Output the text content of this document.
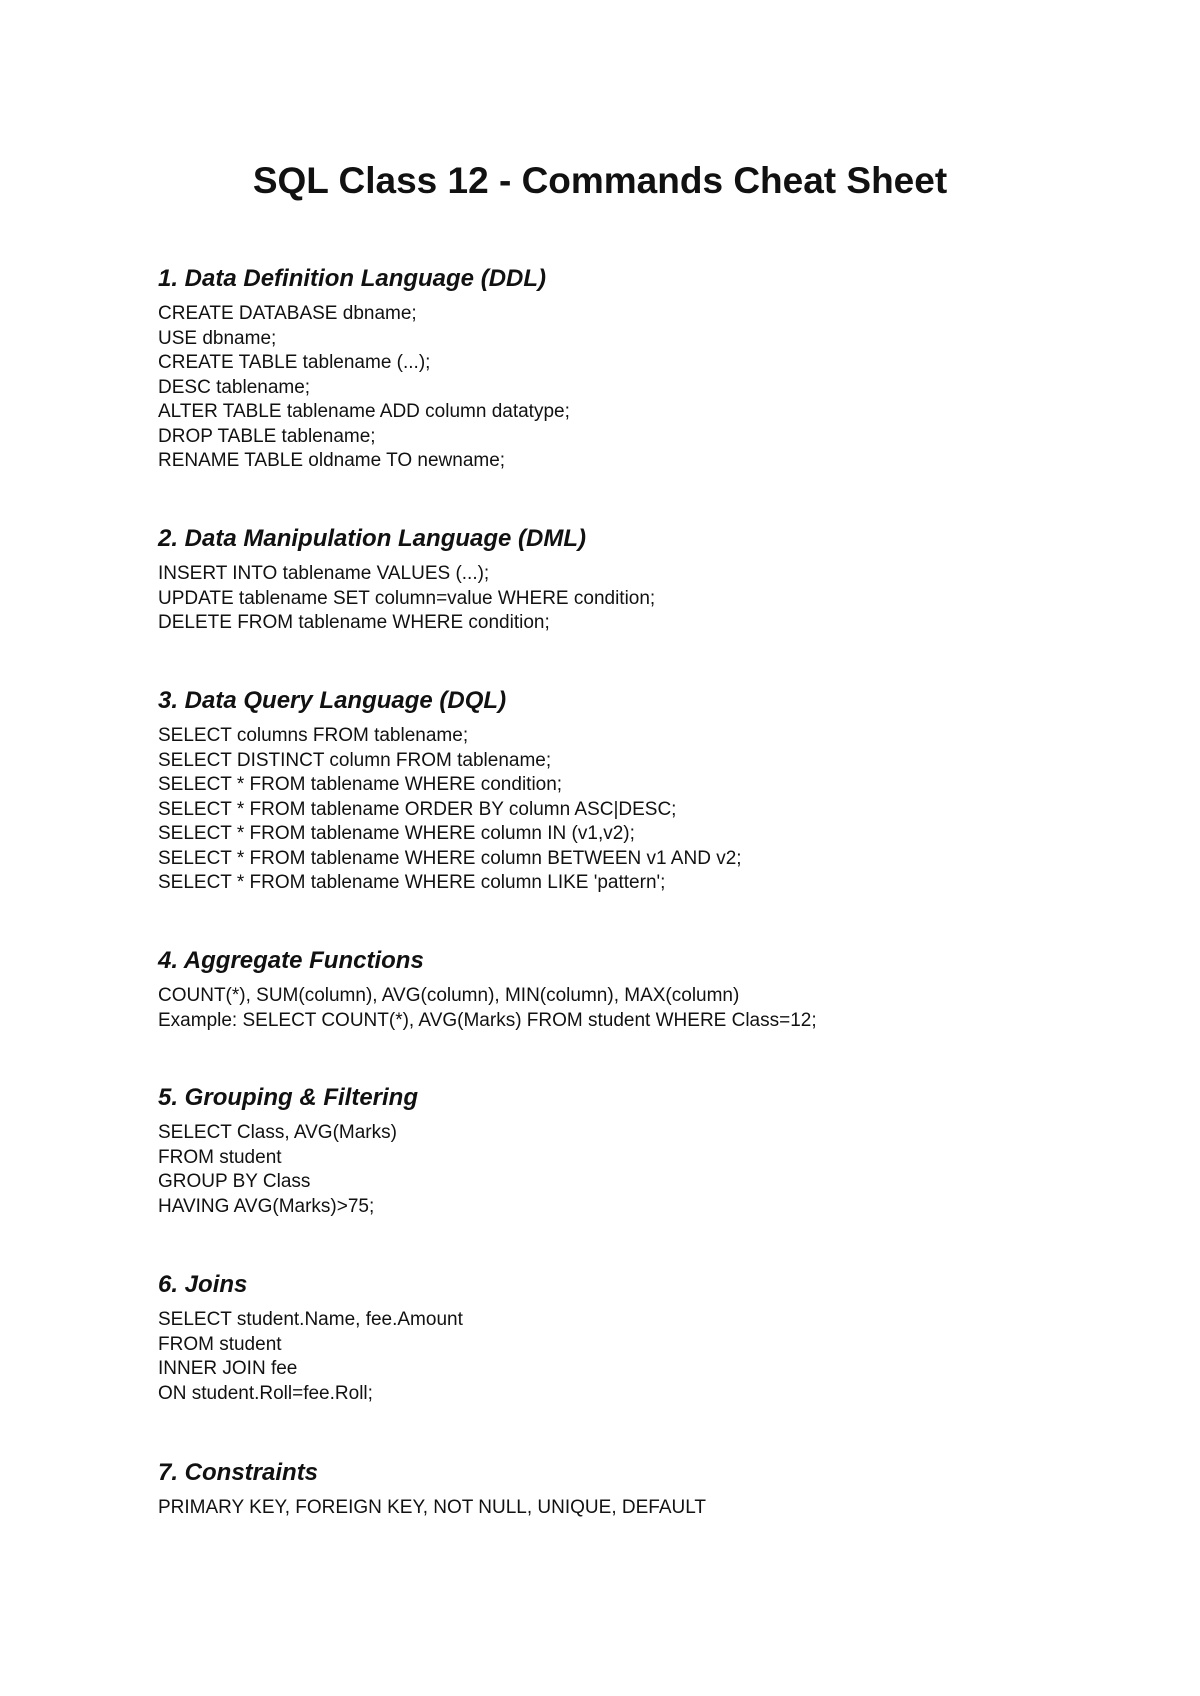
SQL Class 12 - Commands Cheat Sheet
1. Data Definition Language (DDL)
CREATE DATABASE dbname;
USE dbname;
CREATE TABLE tablename (...);
DESC tablename;
ALTER TABLE tablename ADD column datatype;
DROP TABLE tablename;
RENAME TABLE oldname TO newname;
2. Data Manipulation Language (DML)
INSERT INTO tablename VALUES (...);
UPDATE tablename SET column=value WHERE condition;
DELETE FROM tablename WHERE condition;
3. Data Query Language (DQL)
SELECT columns FROM tablename;
SELECT DISTINCT column FROM tablename;
SELECT * FROM tablename WHERE condition;
SELECT * FROM tablename ORDER BY column ASC|DESC;
SELECT * FROM tablename WHERE column IN (v1,v2);
SELECT * FROM tablename WHERE column BETWEEN v1 AND v2;
SELECT * FROM tablename WHERE column LIKE 'pattern';
4. Aggregate Functions
COUNT(*), SUM(column), AVG(column), MIN(column), MAX(column)
Example: SELECT COUNT(*), AVG(Marks) FROM student WHERE Class=12;
5. Grouping & Filtering
SELECT Class, AVG(Marks)
FROM student
GROUP BY Class
HAVING AVG(Marks)>75;
6. Joins
SELECT student.Name, fee.Amount
FROM student
INNER JOIN fee
ON student.Roll=fee.Roll;
7. Constraints
PRIMARY KEY, FOREIGN KEY, NOT NULL, UNIQUE, DEFAULT
